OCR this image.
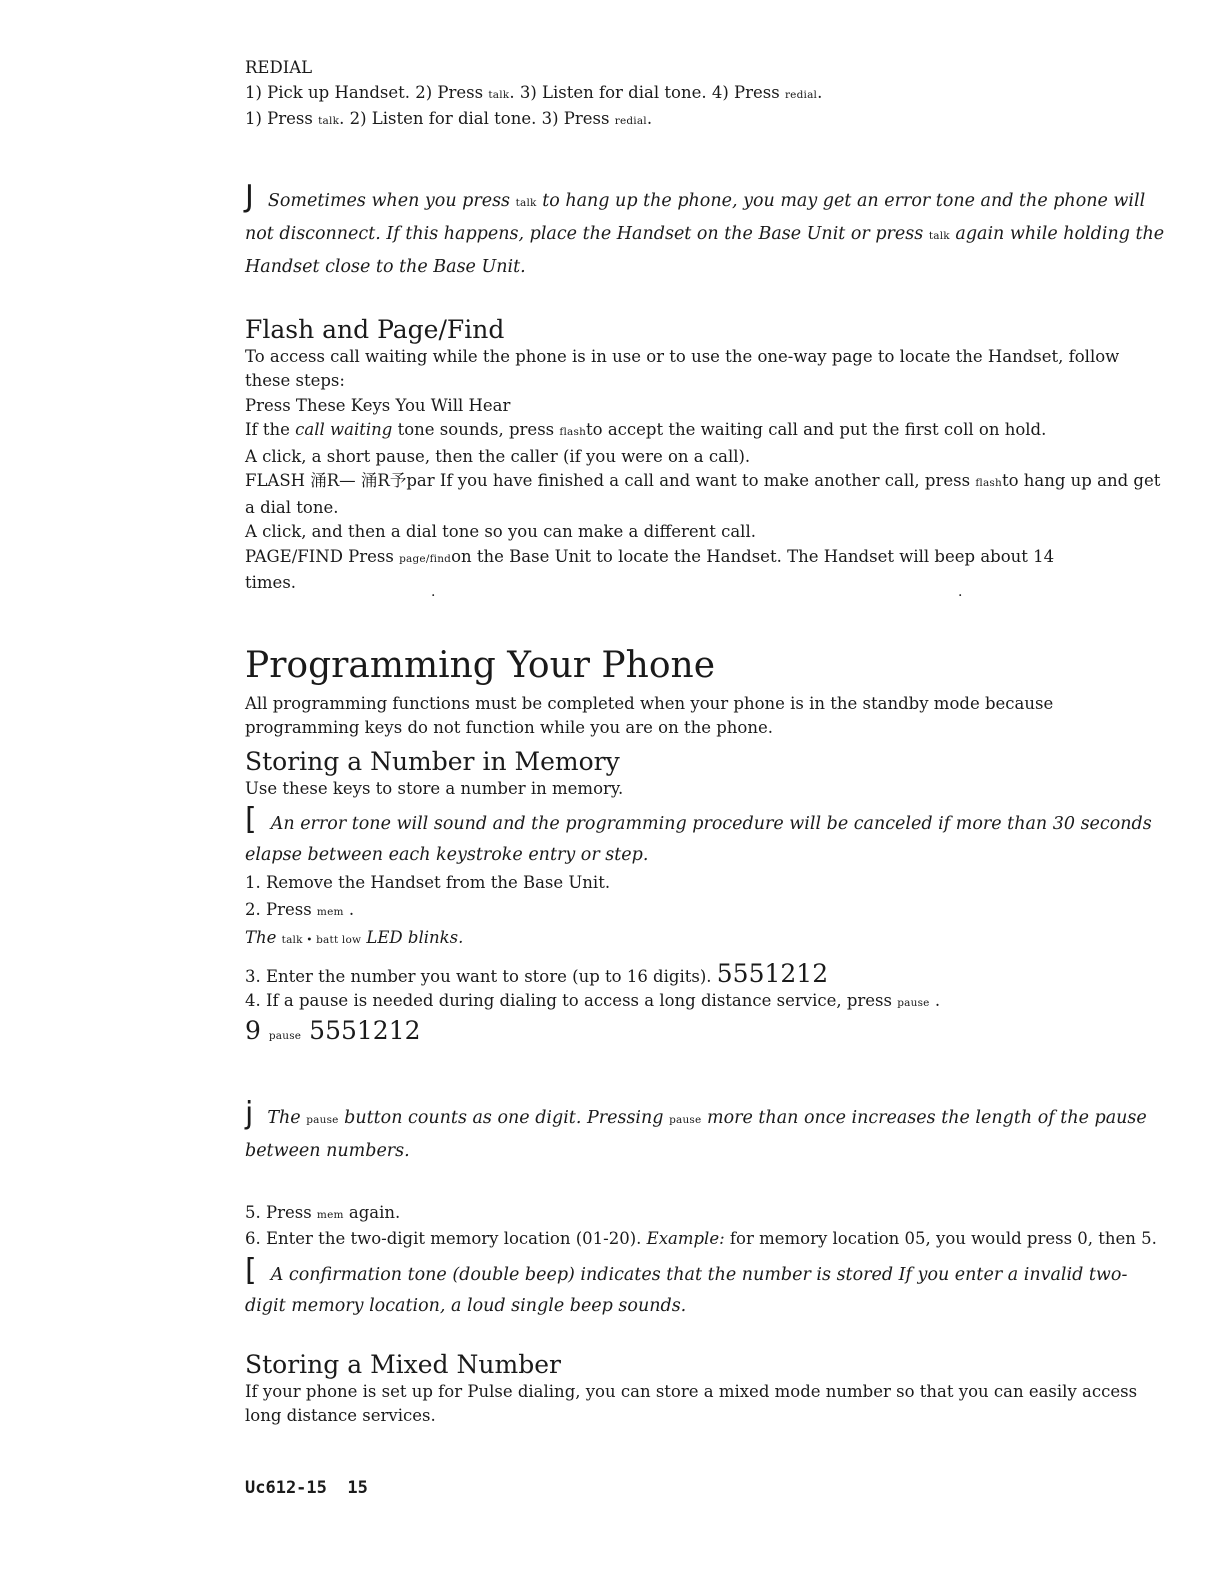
REDIAL
1) Pick up Handset. 2) Press talk. 3) Listen for dial tone. 4) Press redial.
1) Press talk. 2) Listen for dial tone. 3) Press redial.
J Sometimes when you press talk to hang up the phone, you may get an error tone and the phone will not disconnect. If this happens, place the Handset on the Base Unit or press talk again while holding the Handset close to the Base Unit.
Flash and Page/Find
To access call waiting while the phone is in use or to use the one-way page to locate the Handset, follow these steps:
Press These Keys You Will Hear
If the call waiting tone sounds, press flashto accept the waiting call and put the first coll on hold.
A click, a short pause, then the caller (if you were on a call).
FLASH 涌R— 涌R予par If you have finished a call and want to make another call, press flashto hang up and get a dial tone.
A click, and then a dial tone so you can make a different call.
PAGE/FIND Press page/findon the Base Unit to locate the Handset. The Handset will beep about 14 times.
Programming Your Phone
All programming functions must be completed when your phone is in the standby mode because programming keys do not function while you are on the phone.
Storing a Number in Memory
Use these keys to store a number in memory.
[ An error tone will sound and the programming procedure will be canceled if more than 30 seconds elapse between each keystroke entry or step.
1. Remove the Handset from the Base Unit.
2. Press mem .
The talk • batt low LED blinks.
3. Enter the number you want to store (up to 16 digits). 5551212
4. If a pause is needed during dialing to access a long distance service, press pause .
9 pause 5551212
j The pause button counts as one digit. Pressing pause more than once increases the length of the pause between numbers.
5. Press mem again.
6. Enter the two-digit memory location (01-20). Example: for memory location 05, you would press 0, then 5.
[ A confirmation tone (double beep) indicates that the number is stored If you enter a invalid two-digit memory location, a loud single beep sounds.
Storing a Mixed Number
If your phone is set up for Pulse dialing, you can store a mixed mode number so that you can easily access long distance services.
·	·
Uc612-15 15
